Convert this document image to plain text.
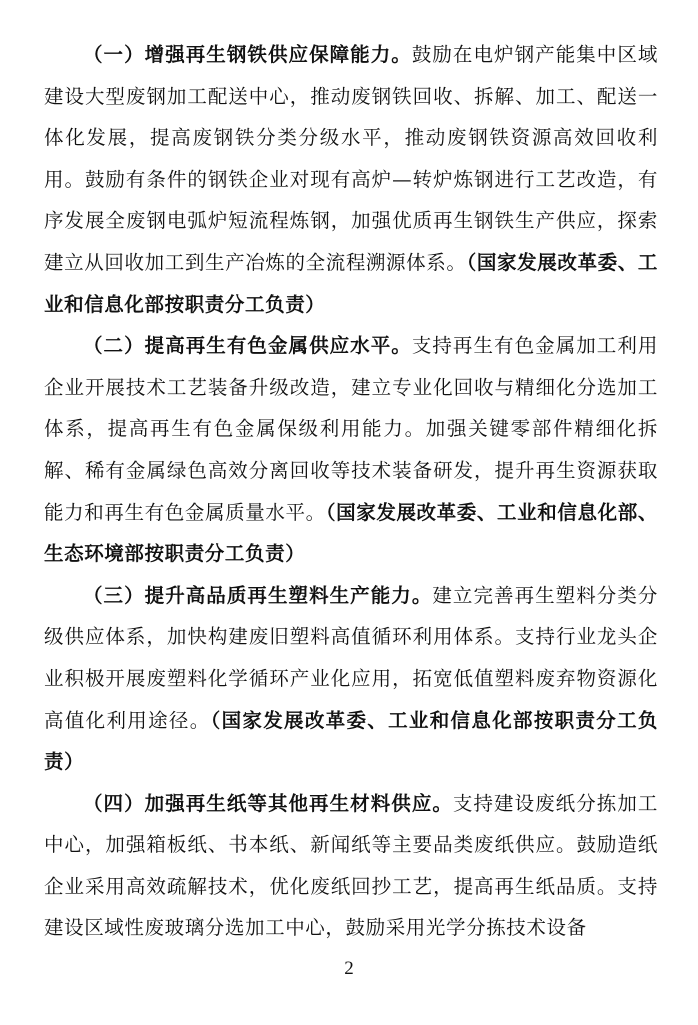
（一）增强再生钢铁供应保障能力。鼓励在电炉钢产能集中区域建设大型废钢加工配送中心，推动废钢铁回收、拆解、加工、配送一体化发展，提高废钢铁分类分级水平，推动废钢铁资源高效回收利用。鼓励有条件的钢铁企业对现有高炉—转炉炼钢进行工艺改造，有序发展全废钢电弧炉短流程炼钢，加强优质再生钢铁生产供应，探索建立从回收加工到生产冶炼的全流程溯源体系。（国家发展改革委、工业和信息化部按职责分工负责）

（二）提高再生有色金属供应水平。支持再生有色金属加工利用企业开展技术工艺装备升级改造，建立专业化回收与精细化分选加工体系，提高再生有色金属保级利用能力。加强关键零部件精细化拆解、稀有金属绿色高效分离回收等技术装备研发，提升再生资源获取能力和再生有色金属质量水平。（国家发展改革委、工业和信息化部、生态环境部按职责分工负责）

（三）提升高品质再生塑料生产能力。建立完善再生塑料分类分级供应体系，加快构建废旧塑料高值循环利用体系。支持行业龙头企业积极开展废塑料化学循环产业化应用，拓宽低值塑料废弃物资源化高值化利用途径。（国家发展改革委、工业和信息化部按职责分工负责）

（四）加强再生纸等其他再生材料供应。支持建设废纸分拣加工中心，加强箱板纸、书本纸、新闻纸等主要品类废纸供应。鼓励造纸企业采用高效疏解技术，优化废纸回抄工艺，提高再生纸品质。支持建设区域性废玻璃分选加工中心，鼓励采用光学分拣技术设备

2
